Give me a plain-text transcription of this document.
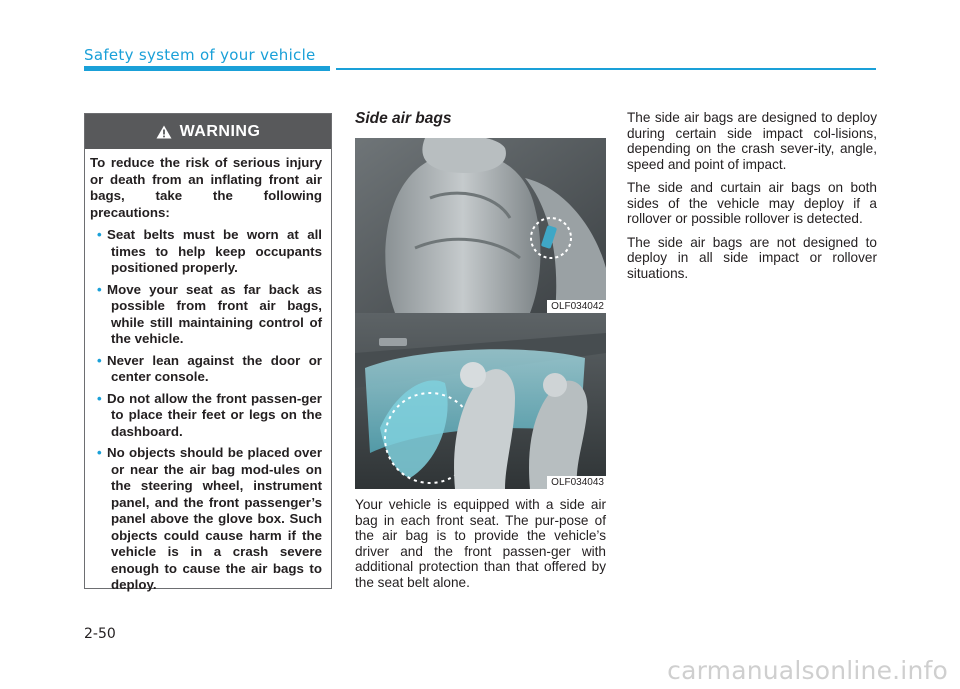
Safety system of your vehicle
WARNING

To reduce the risk of serious injury or death from an inflating front air bags, take the following precautions:

• Seat belts must be worn at all times to help keep occupants positioned properly.
• Move your seat as far back as possible from front air bags, while still maintaining control of the vehicle.
• Never lean against the door or center console.
• Do not allow the front passen-ger to place their feet or legs on the dashboard.
• No objects should be placed over or near the air bag mod-ules on the steering wheel, instrument panel, and the front passenger’s panel above the glove box. Such objects could cause harm if the vehicle is in a crash severe enough to cause the air bags to deploy.
Side air bags
OLF034042
OLF034043
Your vehicle is equipped with a side air bag in each front seat. The pur-pose of the air bag is to provide the vehicle’s driver and the front passen-ger with additional protection than that offered by the seat belt alone.

The side air bags are designed to deploy during certain side impact col-lisions, depending on the crash sever-ity, angle, speed and point of impact.

The side and curtain air bags on both sides of the vehicle may deploy if a rollover or possible rollover is detected.

The side air bags are not designed to deploy in all side impact or rollover situations.

2-50
carmanualsonline.info
